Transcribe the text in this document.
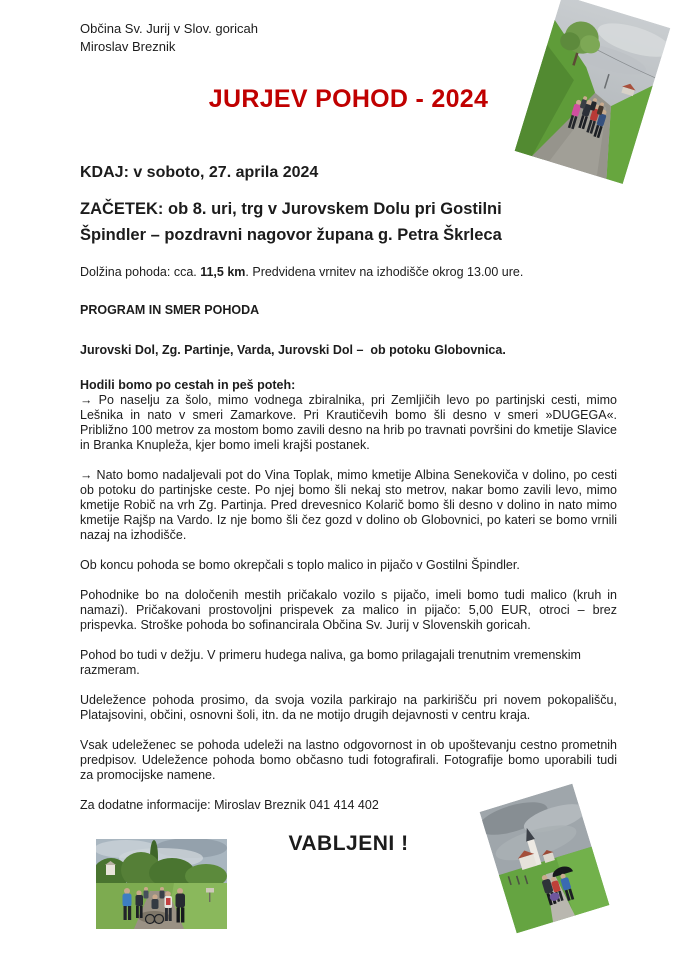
Občina Sv. Jurij v Slov. goricah
Miroslav Breznik
JURJEV POHOD - 2024
KDAJ: v soboto, 27. aprila 2024
ZAČETEK: ob 8. uri, trg v Jurovskem Dolu pri Gostilni
Špindler – pozdravni nagovor župana g. Petra Škrleca

Dolžina pohoda: cca. 11,5 km. Predvidena vrnitev na izhodišče okrog 13.00 ure.

PROGRAM IN SMER POHODA

Jurovski Dol, Zg. Partinje, Varda, Jurovski Dol –  ob potoku Globovnica.

Hodili bomo po cestah in peš poteh:

→ Po naselju za šolo, mimo vodnega zbiralnika, pri Zemljičih levo po partinjski cesti, mimo Lešnika in nato v smeri Zamarkove. Pri Krautičevih bomo šli desno v smeri »DUGEGA«. Približno 100 metrov za mostom bomo zavili desno na hrib po travnati površini do kmetije Slavice in Branka Knupleža, kjer bomo imeli krajši postanek.

→ Nato bomo nadaljevali pot do Vina Toplak, mimo kmetije Albina Senekoviča v dolino, po cesti ob potoku do partinjske ceste. Po njej bomo šli nekaj sto metrov, nakar bomo zavili levo, mimo kmetije Robič na vrh Zg. Partinja. Pred drevesnico Kolarič bomo šli desno v dolino in nato mimo kmetije Rajšp na Vardo. Iz nje bomo šli čez gozd v dolino ob Globovnici, po kateri se bomo vrnili nazaj na izhodišče.

Ob koncu pohoda se bomo okrepčali s toplo malico in pijačo v Gostilni Špindler.

Pohodnike bo na določenih mestih pričakalo vozilo s pijačo, imeli bomo tudi malico (kruh in namazi). Pričakovani prostovoljni prispevek za malico in pijačo: 5,00 EUR, otroci – brez prispevka. Stroške pohoda bo sofinancirala Občina Sv. Jurij v Slovenskih goricah.

Pohod bo tudi v dežju. V primeru hudega naliva, ga bomo prilagajali trenutnim vremenskim razmeram.

Udeležence pohoda prosimo, da svoja vozila parkirajo na parkirišču pri novem pokopališču, Platajsovini, občini, osnovni šoli, itn. da ne motijo drugih dejavnosti v centru kraja.

Vsak udeleženec se pohoda udeleži na lastno odgovornost in ob upoštevanju cestno prometnih predpisov. Udeležence pohoda bomo občasno tudi fotografirali. Fotografije bomo uporabili tudi za promocijske namene.

Za dodatne informacije: Miroslav Breznik 041 414 402

VABLJENI !
